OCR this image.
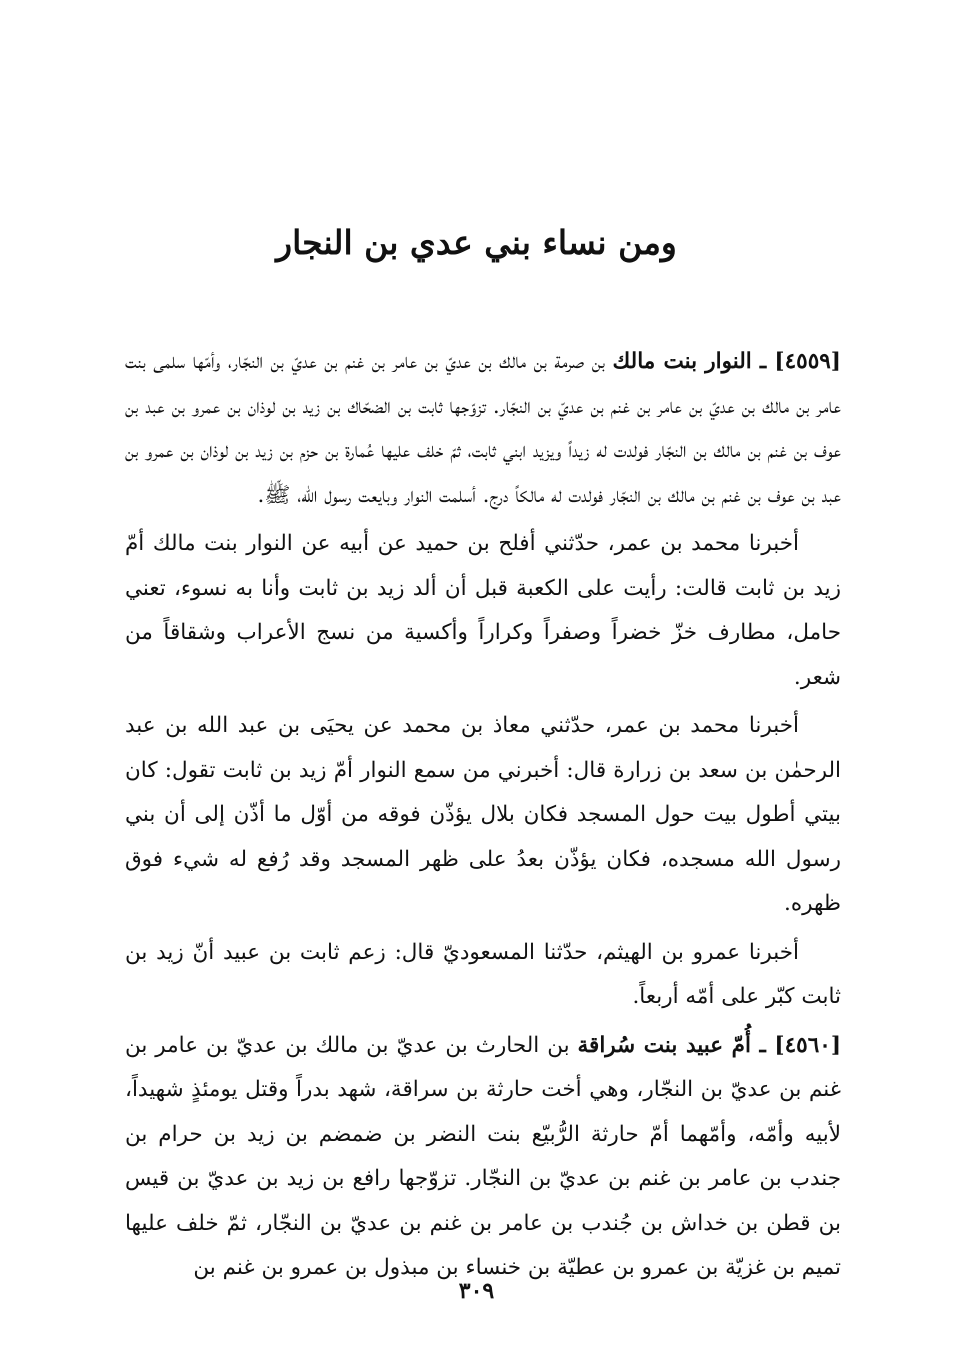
ومن نساء بني عدي بن النجار

[٤٥٥٩] ـ النوار بنت مالك بن صرمة بن مالك بن عديّ بن عامر بن غنم بن عديّ بن النجّار، وأمّها سلمى بنت عامر بن مالك بن عديّ بن عامر بن غنم بن عديّ بن النجّار. تزوّجها ثابت بن الضحّاك بن زيد بن لوذان بن عمرو بن عبد بن عوف بن غنم بن مالك بن النجّار فولدت له زيداً ويزيد ابني ثابت، ثمّ خلف عليها عُمارة بن حزم بن زيد بن لوذان بن عمرو بن عبد بن عوف بن غنم بن مالك بن النجّار فولدت له مالكاً درج. أسلمت النوار وبايعت رسول الله، ﷺ.

أخبرنا محمد بن عمر، حدّثني أفلح بن حميد عن أبيه عن النوار بنت مالك أمّ زيد بن ثابت قالت: رأيت على الكعبة قبل أن ألد زيد بن ثابت وأنا به نسوء، تعني حامل، مطارف خزّ خضراً وصفراً وكراراً وأكسية من نسج الأعراب وشقاقاً من شعر.

أخبرنا محمد بن عمر، حدّثني معاذ بن محمد عن يحيَى بن عبد الله بن عبد الرحمٰن بن سعد بن زرارة قال: أخبرني من سمع النوار أمّ زيد بن ثابت تقول: كان بيتي أطول بيت حول المسجد فكان بلال يؤذّن فوقه من أوّل ما أذّن إلى أن بني رسول الله مسجده، فكان يؤذّن بعدُ على ظهر المسجد وقد رُفع له شيء فوق ظهره.

أخبرنا عمرو بن الهيثم، حدّثنا المسعوديّ قال: زعم ثابت بن عبيد أنّ زيد بن ثابت كبّر على أمّه أربعاً.

[٤٥٦٠] ـ أُمّ عبيد بنت سُراقة بن الحارث بن عديّ بن مالك بن عديّ بن عامر بن غنم بن عديّ بن النجّار، وهي أخت حارثة بن سراقة، شهد بدراً وقتل يومئذٍ شهيداً، لأبيه وأمّه، وأمّهما أمّ حارثة الرُّبيّع بنت النضر بن ضمضم بن زيد بن حرام بن جندب بن عامر بن غنم بن عديّ بن النجّار. تزوّجها رافع بن زيد بن عديّ بن قيس بن قطن بن خداش بن جُندب بن عامر بن غنم بن عديّ بن النجّار، ثمّ خلف عليها تميم بن غزيّة بن عمرو بن عطيّة بن خنساء بن مبذول بن عمرو بن غنم بن

٣٠٩
